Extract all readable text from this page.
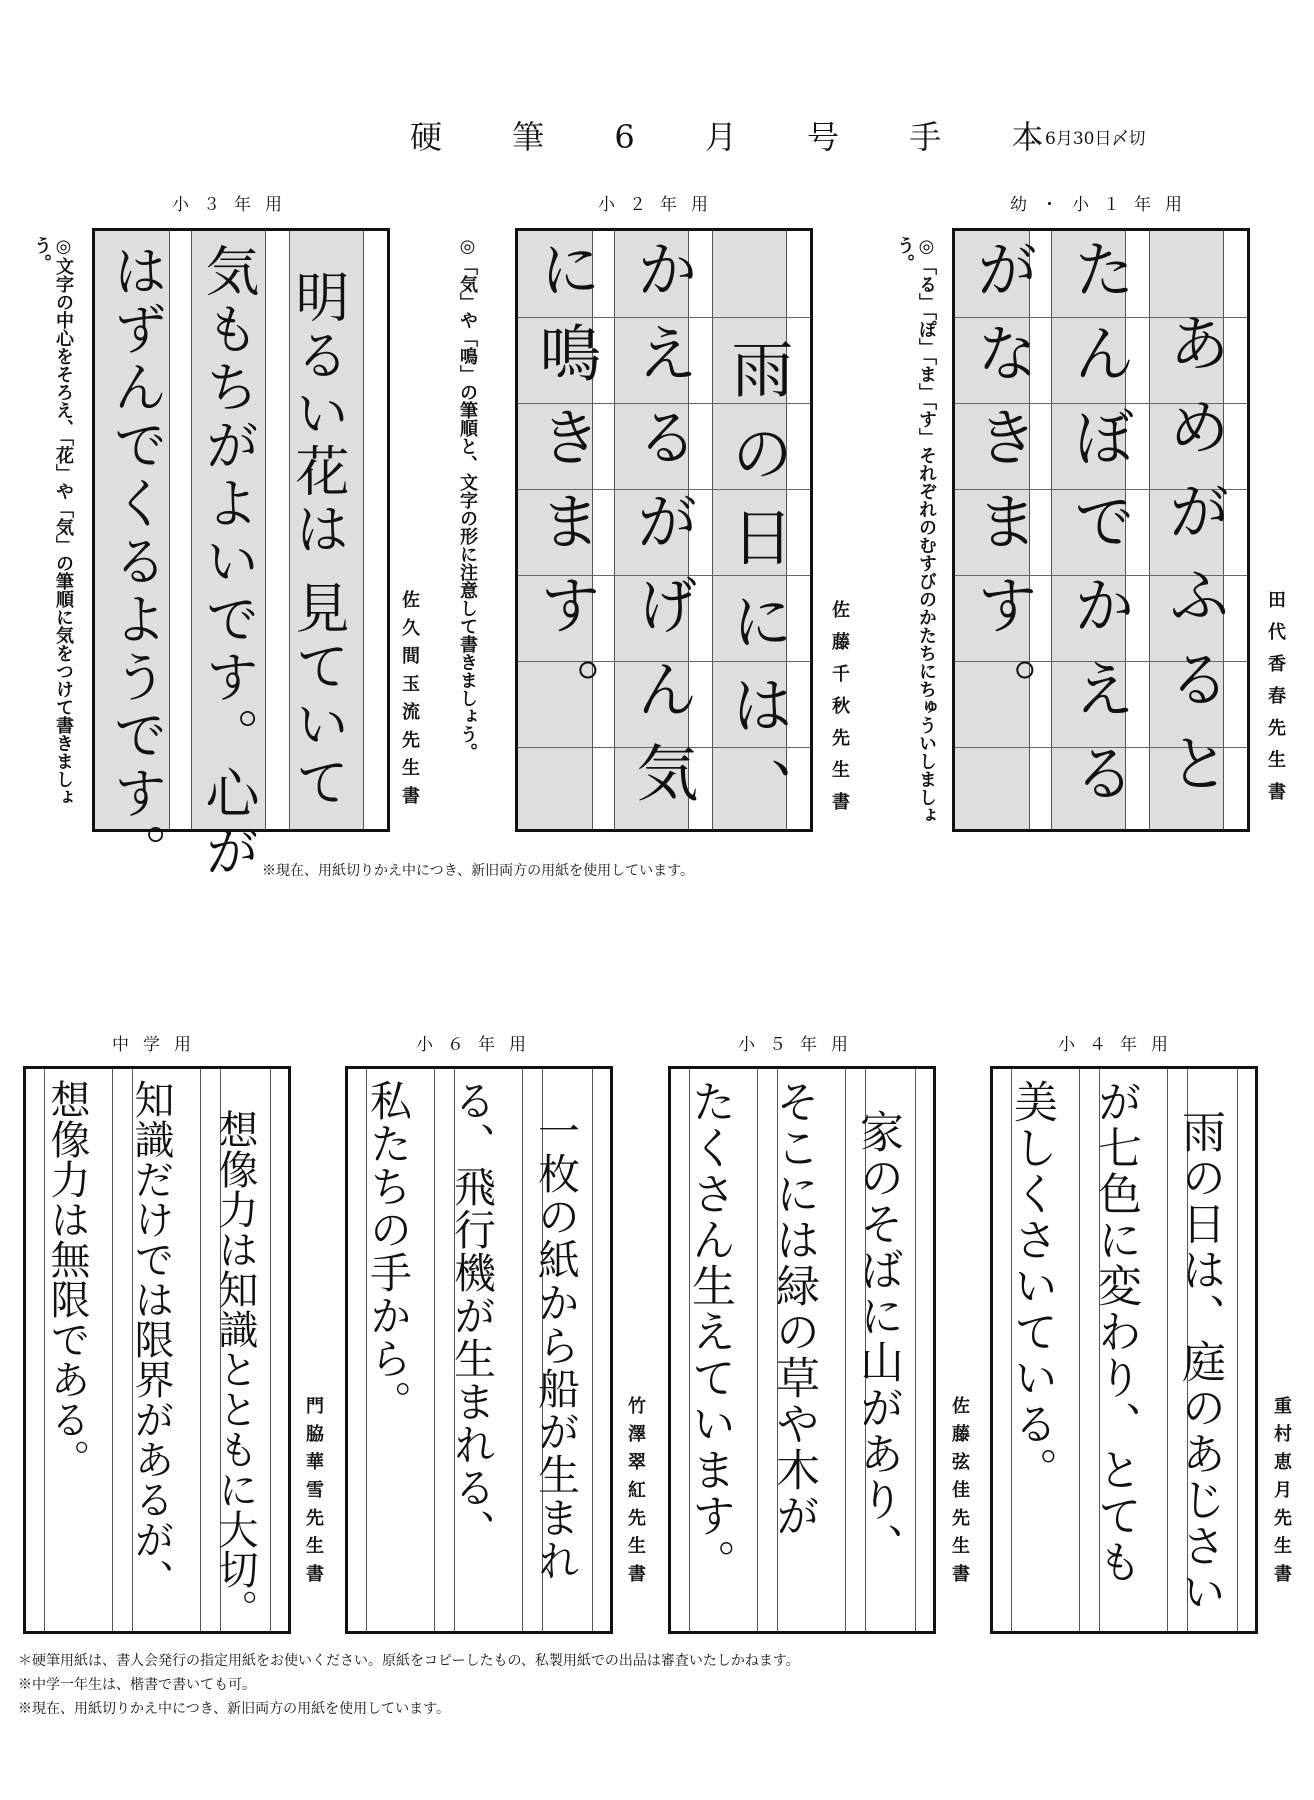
硬 筆 6 月 号 手 本
6月30日〆切
幼・小１年用
あめがふると
たんぼでかえる
がなきます。	田代香春先生書
◎「る」「ぽ」「ま」「す」それぞれのむすびのかたちにちゅういしましょう。
小２年用
雨の日には、
かえるがげん気
に鳴きます。	佐藤千秋先生書
◎「気」や「鳴」の筆順と、文字の形に注意して書きましょう。
小３年用
明るい花は 見ていて
気もちがよいです。心が
はずんでくるようです。	佐久間玉流先生書
◎文字の中心をそろえ、「花」や「気」の筆順に気をつけて書きましょう。
※現在、用紙切りかえ中につき、新旧両方の用紙を使用しています。
小４年用
雨の日は、庭のあじさい
が七色に変わり、とても
美しくさいている。
重村恵月先生書
小５年用
家のそばに山があり、
そこには緑の草や木が
たくさん生えています。	佐藤弦佳先生書
小６年用
一枚の紙から船が生まれ
る、飛行機が生まれる、
私たちの手から。
竹澤翠紅先生書
中学用
想像力は知識とともに大切。
知識だけでは限界があるが、
想像力は無限である。
門脇華雪先生書
＊硬筆用紙は、書人会発行の指定用紙をお使いください。原紙をコピーしたもの、私製用紙での出品は審査いたしかねます。
※中学一年生は、楷書で書いても可。
※現在、用紙切りかえ中につき、新旧両方の用紙を使用しています。
